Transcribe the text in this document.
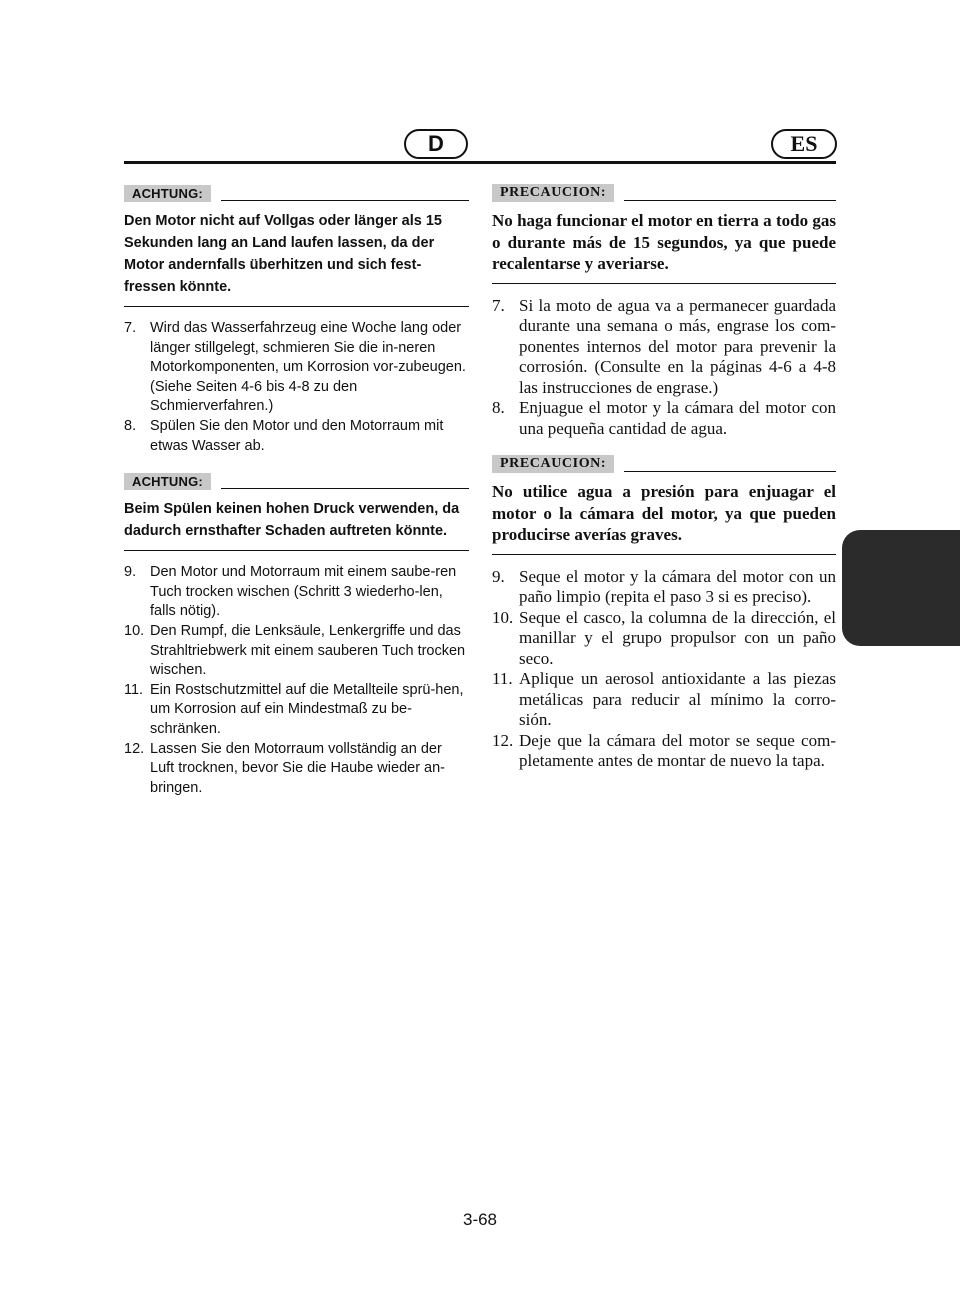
D	ES
ACHTUNG:
Den Motor nicht auf Vollgas oder länger als 15 Sekunden lang an Land laufen lassen, da der Motor andernfalls überhitzen und sich fest-fressen könnte.
7. Wird das Wasserfahrzeug eine Woche lang oder länger stillgelegt, schmieren Sie die in-neren Motorkomponenten, um Korrosion vor-zubeugen. (Siehe Seiten 4-6 bis 4-8 zu den Schmierverfahren.)
8. Spülen Sie den Motor und den Motorraum mit etwas Wasser ab.
ACHTUNG:
Beim Spülen keinen hohen Druck verwenden, da dadurch ernsthafter Schaden auftreten könnte.
9. Den Motor und Motorraum mit einem saube-ren Tuch trocken wischen (Schritt 3 wiederho-len, falls nötig).
10. Den Rumpf, die Lenksäule, Lenkergriffe und das Strahltriebwerk mit einem sauberen Tuch trocken wischen.
11. Ein Rostschutzmittel auf die Metallteile sprü-hen, um Korrosion auf ein Mindestmaß zu be-schränken.
12. Lassen Sie den Motorraum vollständig an der Luft trocknen, bevor Sie die Haube wieder an-bringen.
PRECAUCION:
No haga funcionar el motor en tierra a todo gas o durante más de 15 segundos, ya que puede recalentarse y averiarse.
7. Si la moto de agua va a permanecer guardada durante una semana o más, engrase los com-ponentes internos del motor para prevenir la corrosión. (Consulte en la páginas 4-6 a 4-8 las instrucciones de engrase.)
8. Enjuague el motor y la cámara del motor con una pequeña cantidad de agua.
PRECAUCION:
No utilice agua a presión para enjuagar el motor o la cámara del motor, ya que pueden producirse averías graves.
9. Seque el motor y la cámara del motor con un paño limpio (repita el paso 3 si es preciso).
10. Seque el casco, la columna de la dirección, el manillar y el grupo propulsor con un paño seco.
11. Aplique un aerosol antioxidante a las piezas metálicas para reducir al mínimo la corro-sión.
12. Deje que la cámara del motor se seque com-pletamente antes de montar de nuevo la tapa.
3-68
